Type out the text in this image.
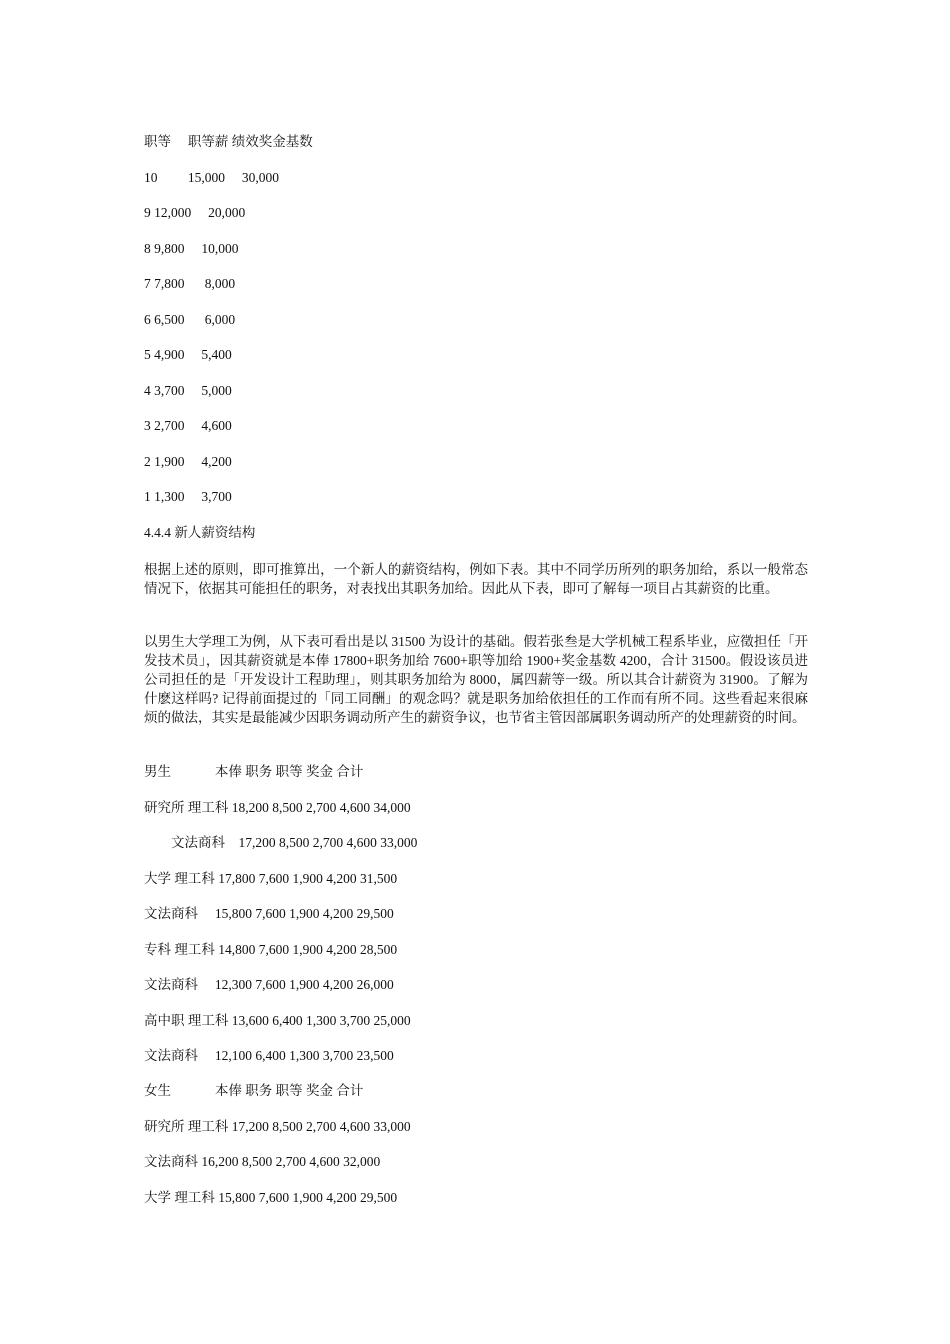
职等　 职等薪 绩效奖金基数
10　　 15,000　 30,000
9 12,000　 20,000
8 9,800　 10,000
7 7,800　  8,000
6 6,500　  6,000
5 4,900　 5,400
4 3,700　 5,000
3 2,700　 4,600
2 1,900　 4,200
1 1,300　 3,700
4.4.4 新人薪资结构
根据上述的原则，即可推算出，一个新人的薪资结构，例如下表。其中不同学历所列的职务加给，系以一般常态情况下，依据其可能担任的职务，对表找出其职务加给。因此从下表，即可了解每一项目占其薪资的比重。
以男生大学理工为例，从下表可看出是以 31500 为设计的基础。假若张叁是大学机械工程系毕业，应徵担任「开发技术员」，因其薪资就是本俸 17800+职务加给 7600+职等加给 1900+奖金基数 4200，合计 31500。假设该员进公司担任的是「开发设计工程助理」，则其职务加给为 8000，属四薪等一级。所以其合计薪资为 31900。了解为什麽这样吗? 记得前面提过的「同工同酬」的观念吗？就是职务加给依担任的工作而有所不同。这些看起来很麻烦的做法，其实是最能减少因职务调动所产生的薪资争议，也节省主管因部属职务调动所产的处理薪资的时间。
男生　　　 本俸 职务 职等 奖金 合计
研究所 理工科 18,200 8,500 2,700 4,600 34,000
　　文法商科　17,200 8,500 2,700 4,600 33,000
大学 理工科 17,800 7,600 1,900 4,200 31,500
文法商科　 15,800 7,600 1,900 4,200 29,500
专科 理工科 14,800 7,600 1,900 4,200 28,500
文法商科　 12,300 7,600 1,900 4,200 26,000
高中职 理工科 13,600 6,400 1,300 3,700 25,000
文法商科　 12,100 6,400 1,300 3,700 23,500
女生　　　 本俸 职务 职等 奖金 合计
研究所 理工科 17,200 8,500 2,700 4,600 33,000
文法商科 16,200 8,500 2,700 4,600 32,000
大学 理工科 15,800 7,600 1,900 4,200 29,500
